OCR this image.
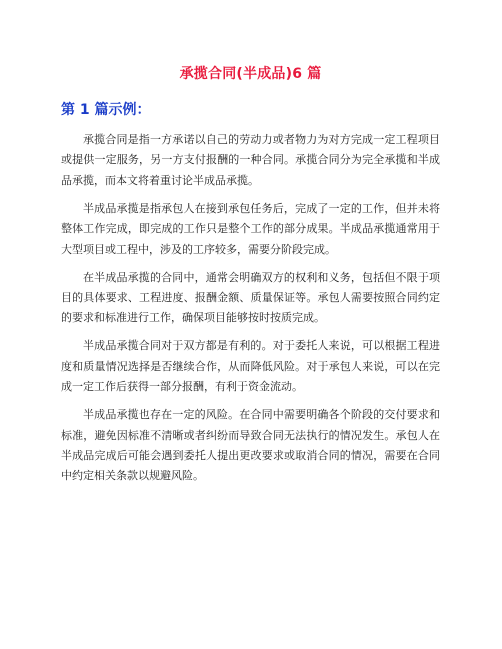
承揽合同(半成品)6 篇
第 1 篇示例：

承揽合同是指一方承诺以自己的劳动力或者物力为对方完成一定工程项目或提供一定服务，另一方支付报酬的一种合同。承揽合同分为完全承揽和半成品承揽，而本文将着重讨论半成品承揽。

半成品承揽是指承包人在接到承包任务后，完成了一定的工作，但并未将整体工作完成，即完成的工作只是整个工作的部分成果。半成品承揽通常用于大型项目或工程中，涉及的工序较多，需要分阶段完成。

在半成品承揽的合同中，通常会明确双方的权利和义务，包括但不限于项目的具体要求、工程进度、报酬金额、质量保证等。承包人需要按照合同约定的要求和标准进行工作，确保项目能够按时按质完成。

半成品承揽合同对于双方都是有利的。对于委托人来说，可以根据工程进度和质量情况选择是否继续合作，从而降低风险。对于承包人来说，可以在完成一定工作后获得一部分报酬，有利于资金流动。

半成品承揽也存在一定的风险。在合同中需要明确各个阶段的交付要求和标准，避免因标准不清晰或者纠纷而导致合同无法执行的情况发生。承包人在半成品完成后可能会遇到委托人提出更改要求或取消合同的情况，需要在合同中约定相关条款以规避风险。
